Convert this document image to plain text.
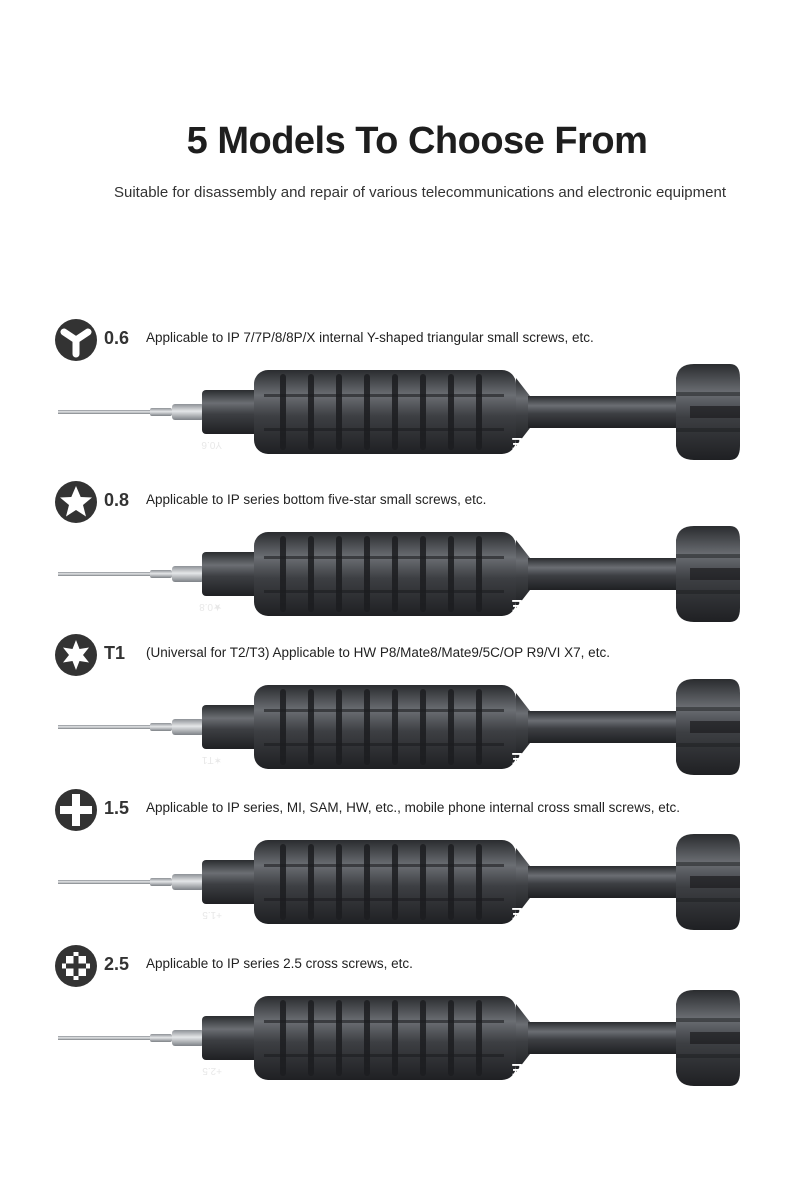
5 Models To Choose From
Suitable for disassembly and repair of various telecommunications and electronic equipment
0.6 Applicable to IP 7/7P/8/8P/X internal Y-shaped triangular small screws, etc.
Y0.6	RELIFE
0.8 Applicable to IP series bottom five-star small screws, etc.
★0.8	RELIFE
T1 (Universal for T2/T3) Applicable to HW P8/Mate8/Mate9/5C/OP R9/VI X7, etc.
✶T1	RELIFE
1.5 Applicable to IP series, MI, SAM, HW, etc., mobile phone internal cross small screws, etc.
+1.5	RELIFE
2.5 Applicable to IP series 2.5 cross screws, etc.
+2.5	RELIFE
